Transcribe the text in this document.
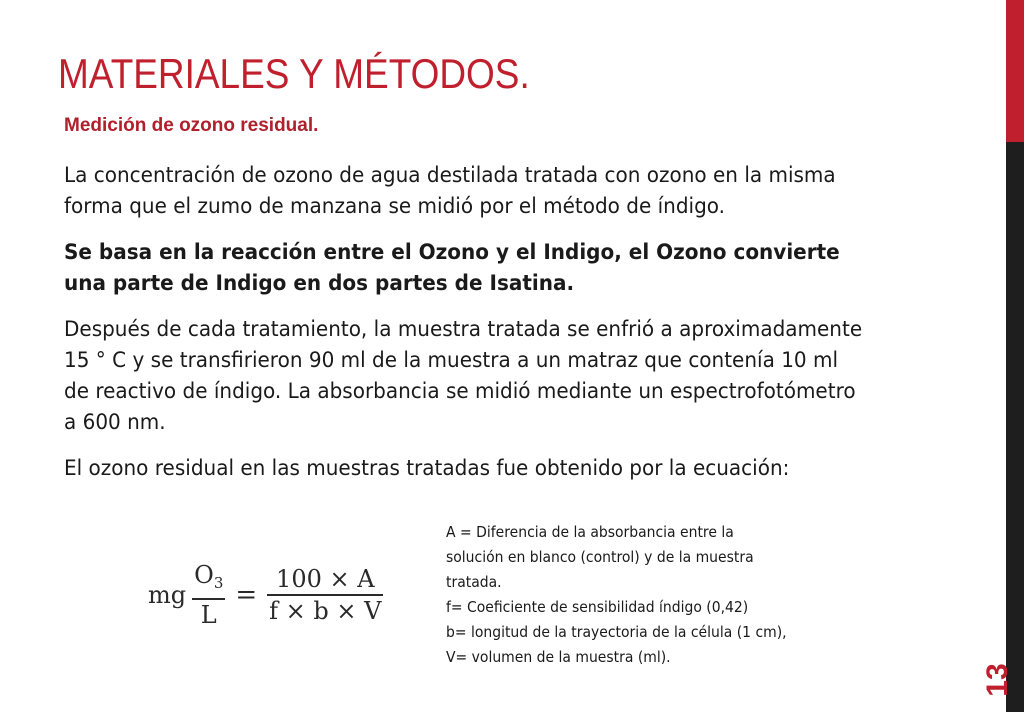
MATERIALES Y MÉTODOS.
Medición de ozono residual.

La concentración de ozono de agua destilada tratada con ozono en la misma forma que el zumo de manzana se midió por el método de índigo.

Se basa en la reacción entre el Ozono y el Indigo, el Ozono convierte una parte de Indigo en dos partes de Isatina.

Después de cada tratamiento, la muestra tratada se enfrió a aproximadamente 15 ° C y se transfirieron 90 ml de la muestra a un matraz que contenía 10 ml de reactivo de índigo. La absorbancia se midió mediante un espectrofotómetro a 600 nm.

El ozono residual en las muestras tratadas fue obtenido por la ecuación:

mg $\frac{O_3}{L} = \frac{100 \times A}{f \times b \times V}$
A = Diferencia de la absorbancia entre la
solución en blanco (control) y de la muestra
tratada.
f= Coeficiente de sensibilidad índigo (0,42)
b= longitud de la trayectoria de la célula (1 cm),
V= volumen de la muestra (ml).
13
